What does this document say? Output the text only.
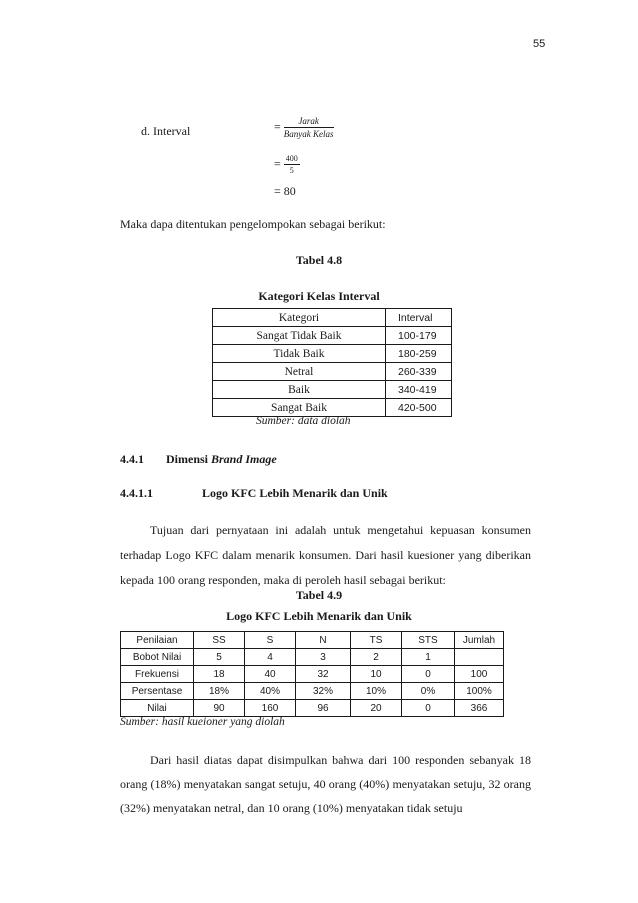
55
d. Interval	= $\frac{\text{Jarak}}{\text{Banyak Kelas}}$
= $\frac{400}{5}$
= 80
Maka dapa ditentukan pengelompokan sebagai berikut:
Tabel 4.8
Kategori Kelas Interval
Kategori	Interval
Sangat Tidak Baik	100-179
Tidak Baik	180-259
Netral	260-339
Baik	340-419
Sangat Baik	420-500
Sumber: data diolah
4.4.1 Dimensi Brand Image
4.4.1.1	Logo KFC Lebih Menarik dan Unik
Tujuan dari pernyataan ini adalah untuk mengetahui kepuasan konsumen terhadap Logo KFC dalam menarik konsumen. Dari hasil kuesioner yang diberikan kepada 100 orang responden, maka di peroleh hasil sebagai berikut:
Tabel 4.9
Logo KFC Lebih Menarik dan Unik
Penilaian	SS	S	N	TS	STS	Jumlah
Bobot Nilai	5	4	3	2	1	
Frekuensi	18	40	32	10	0	100
Persentase	18%	40%	32%	10%	0%	100%
Nilai	90	160	96	20	0	366
Sumber: hasil kueioner yang diolah
Dari hasil diatas dapat disimpulkan bahwa dari 100 responden sebanyak 18 orang (18%) menyatakan sangat setuju, 40 orang (40%) menyatakan setuju, 32 orang (32%) menyatakan netral, dan 10 orang (10%) menyatakan tidak setuju
